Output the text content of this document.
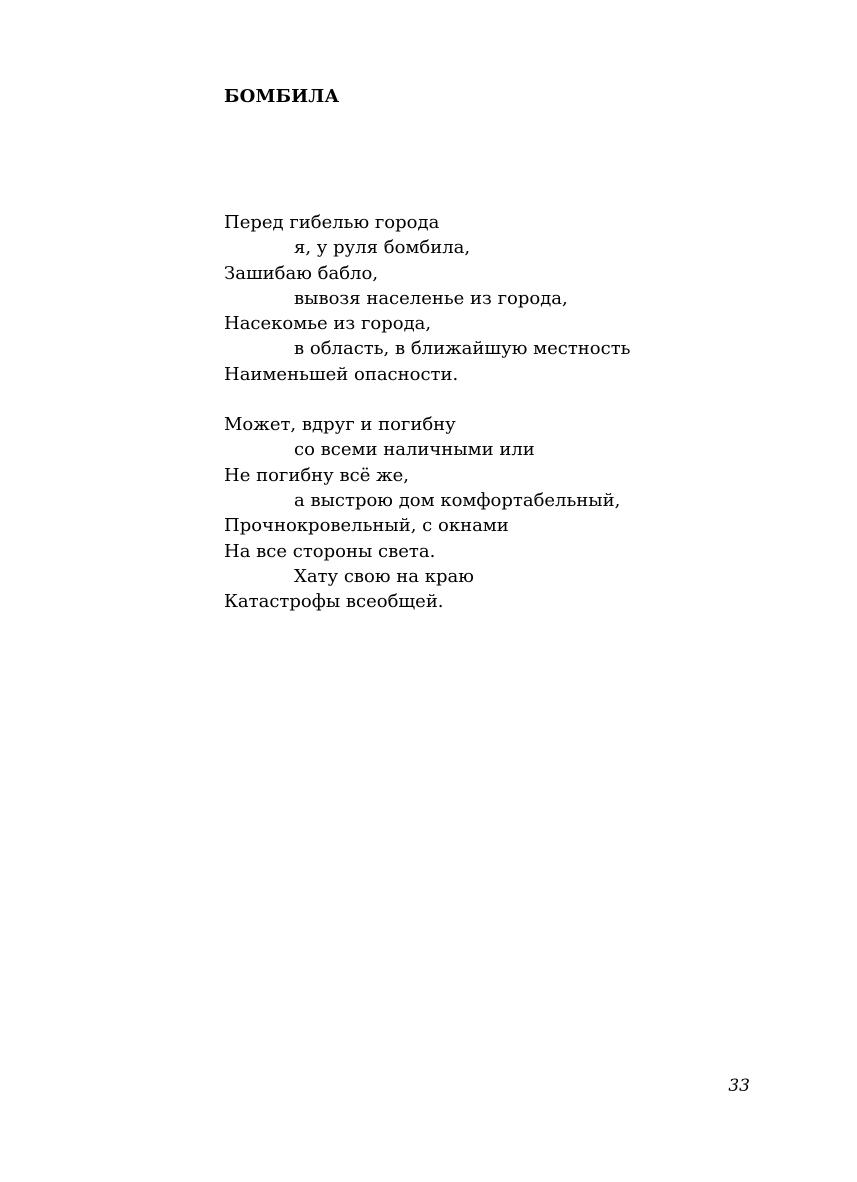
БОМБИЛА
Перед гибелью города
я, у руля бомбила,
Зашибаю бабло,
вывозя населенье из города,
Насекомье из города,
в область, в ближайшую местность
Наименьшей опасности.
Может, вдруг и погибну
со всеми наличными или
Не погибну всё же,
а выстрою дом комфортабельный,
Прочнокровельный, с окнами
На все стороны света.
Хату свою на краю
Катастрофы всеобщей.
33
